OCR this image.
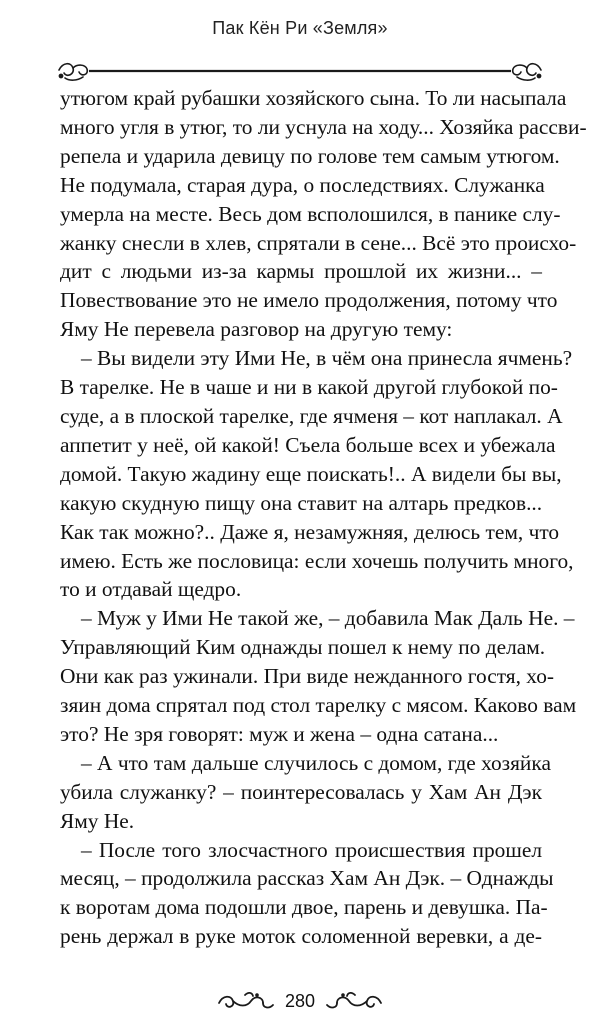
Пак Кён Ри «Земля»
утюгом край рубашки хозяйского сына. То ли насыпала
много угля в утюг, то ли уснула на ходу... Хозяйка рассви-
репела и ударила девицу по голове тем самым утюгом.
Не подумала, старая дура, о последствиях. Служанка
умерла на месте. Весь дом всполошился, в панике слу-
жанку снесли в хлев, спрятали в сене... Всё это происхо-
дит с людьми из-за кармы прошлой их жизни... –
Повествование это не имело продолжения, потому что
Яму Не перевела разговор на другую тему:
– Вы видели эту Ими Не, в чём она принесла ячмень?
В тарелке. Не в чаше и ни в какой другой глубокой по-
суде, а в плоской тарелке, где ячменя – кот наплакал. А
аппетит у неё, ой какой! Съела больше всех и убежала
домой. Такую жадину еще поискать!.. А видели бы вы,
какую скудную пищу она ставит на алтарь предков...
Как так можно?.. Даже я, незамужняя, делюсь тем, что
имею. Есть же пословица: если хочешь получить много,
то и отдавай щедро.
– Муж у Ими Не такой же, – добавила Мак Даль Не. –
Управляющий Ким однажды пошел к нему по делам.
Они как раз ужинали. При виде нежданного гостя, хо-
зяин дома спрятал под стол тарелку с мясом. Каково вам
это? Не зря говорят: муж и жена – одна сатана...
– А что там дальше случилось с домом, где хозяйка
убила служанку? – поинтересовалась у Хам Ан Дэк
Яму Не.
– После того злосчастного происшествия прошел
месяц, – продолжила рассказ Хам Ан Дэк. – Однажды
к воротам дома подошли двое, парень и девушка. Па-
рень держал в руке моток соломенной веревки, а де-
280
